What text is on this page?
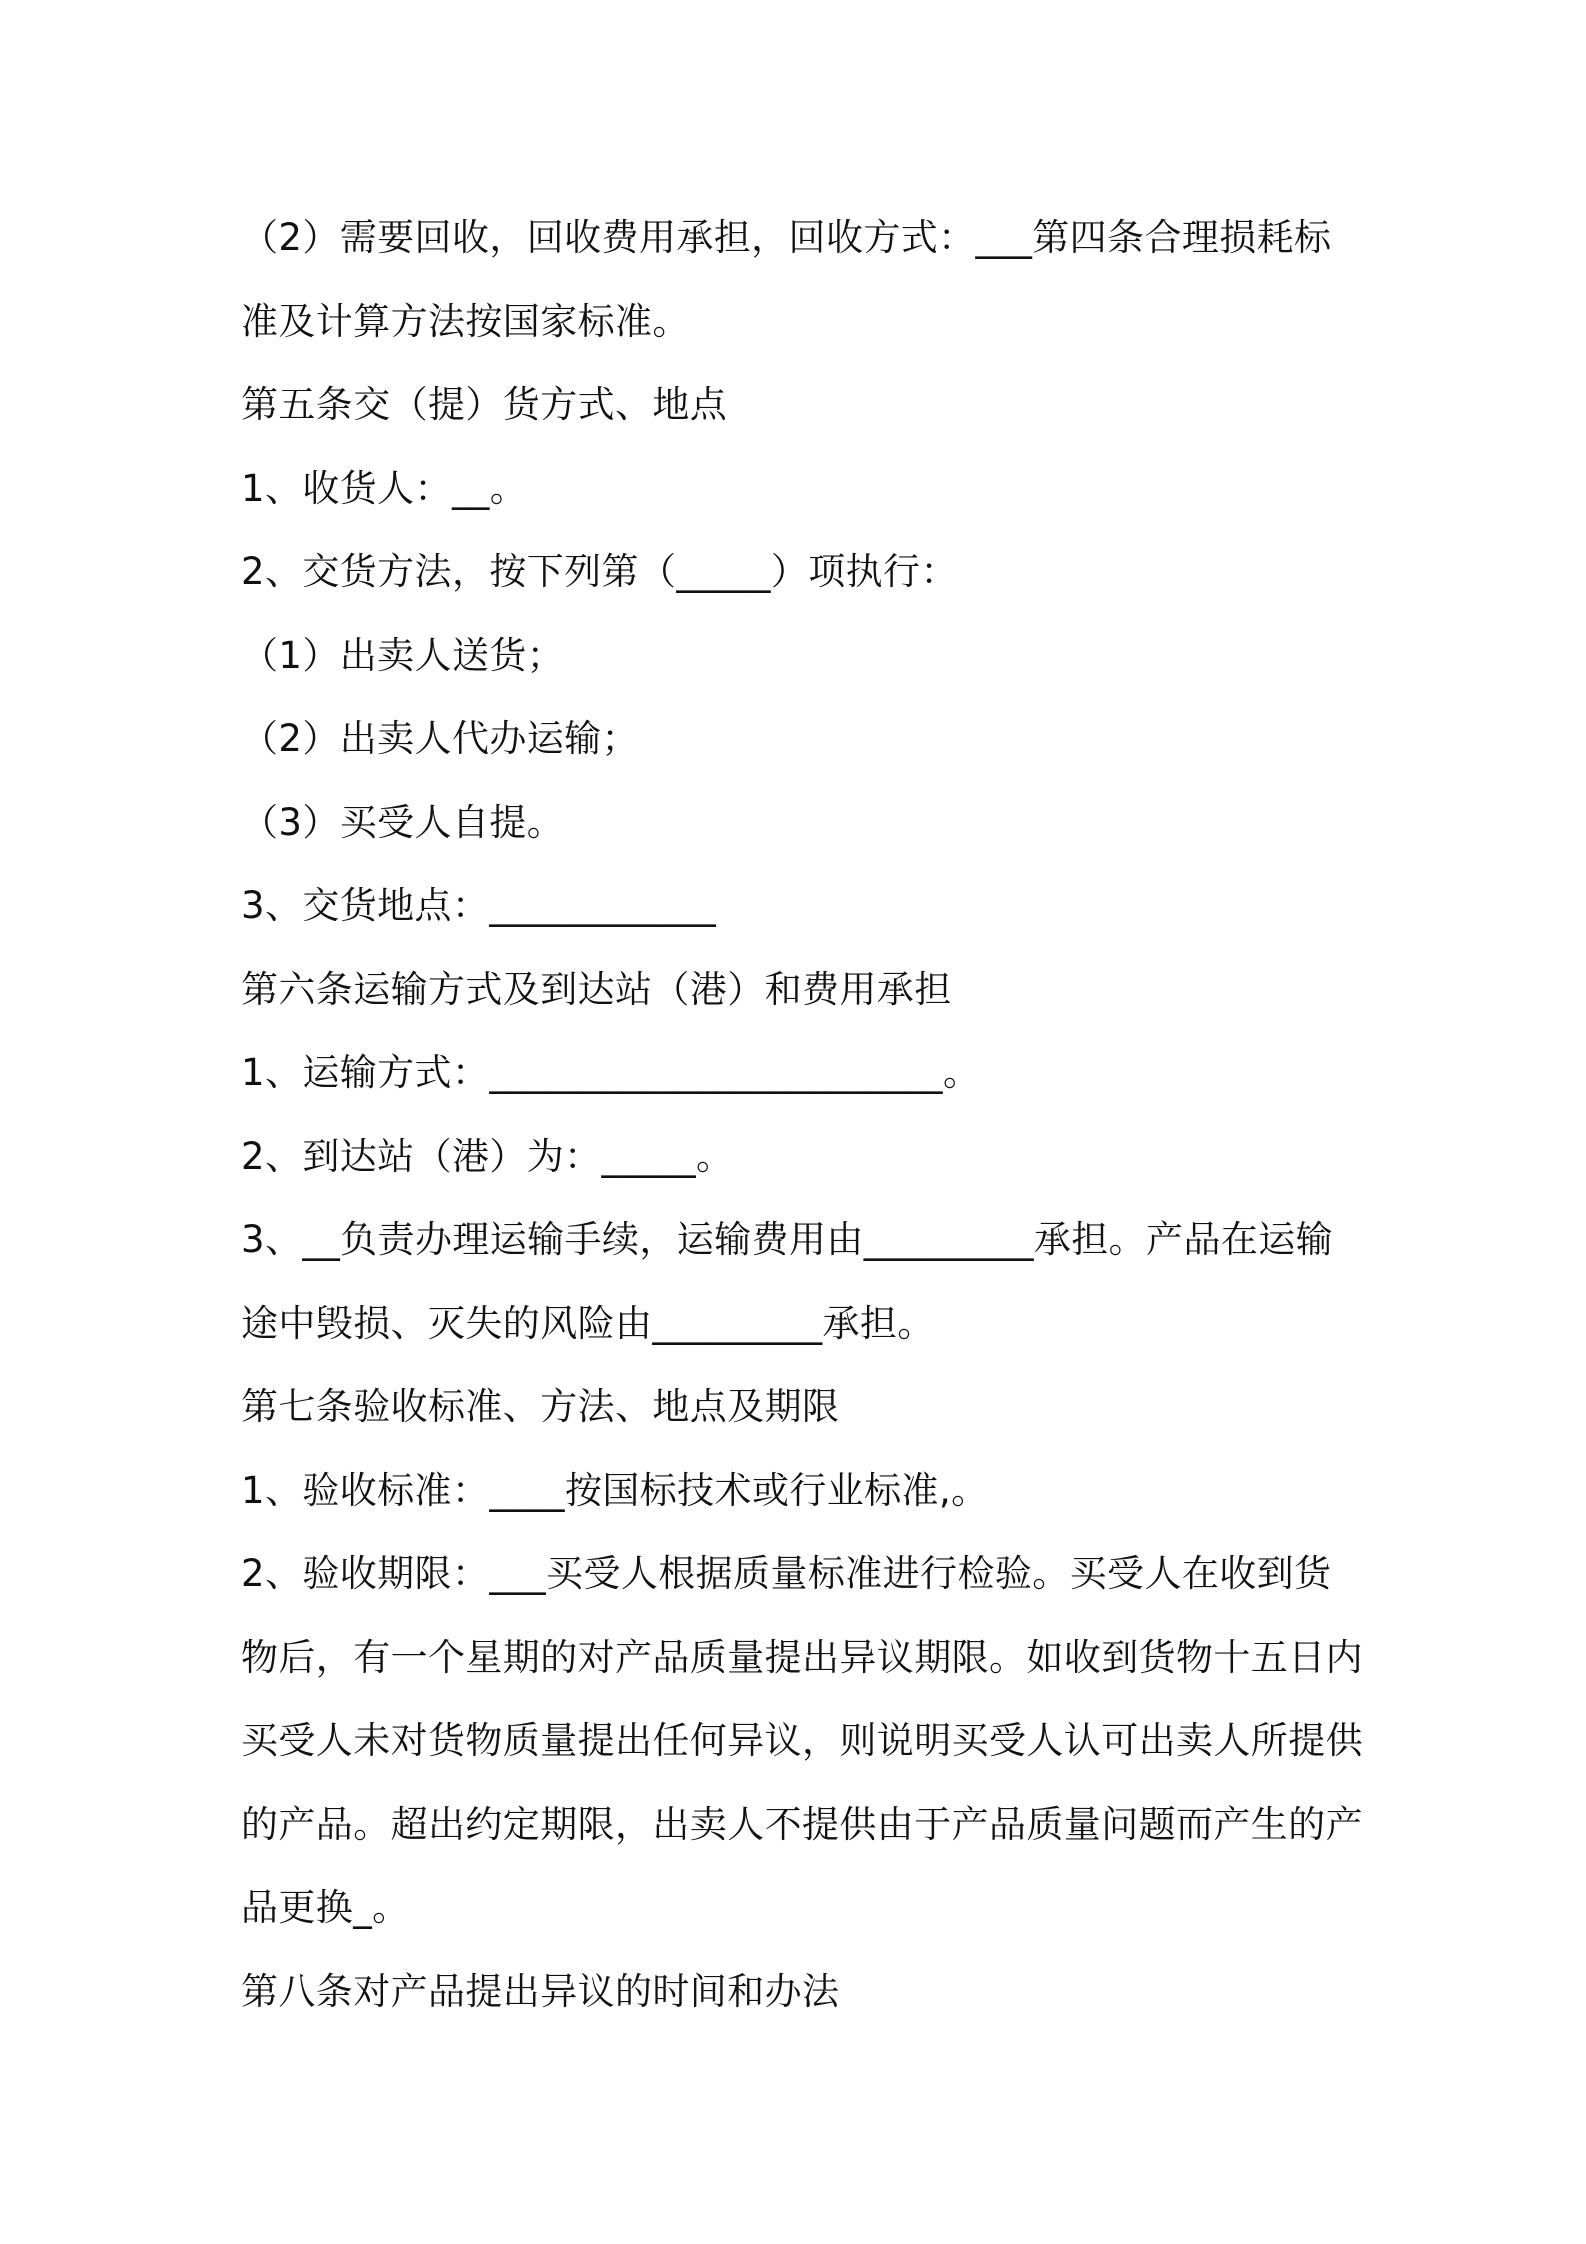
（2）需要回收，回收费用承担，回收方式：___第四条合理损耗标

准及计算方法按国家标准。

第五条交（提）货方式、地点

1、收货人：__。

2、交货方法，按下列第（_____）项执行：

（1）出卖人送货；

（2）出卖人代办运输；

（3）买受人自提。

3、交货地点：____________

第六条运输方式及到达站（港）和费用承担

1、运输方式：________________________。

2、到达站（港）为：_____。

3、__负责办理运输手续，运输费用由_________承担。产品在运输

途中毁损、灭失的风险由_________承担。

第七条验收标准、方法、地点及期限

1、验收标准：____按国标技术或行业标准,。

2、验收期限：___买受人根据质量标准进行检验。买受人在收到货

物后，有一个星期的对产品质量提出异议期限。如收到货物十五日内

买受人未对货物质量提出任何异议，则说明买受人认可出卖人所提供

的产品。超出约定期限，出卖人不提供由于产品质量问题而产生的产

品更换_。

第八条对产品提出异议的时间和办法
